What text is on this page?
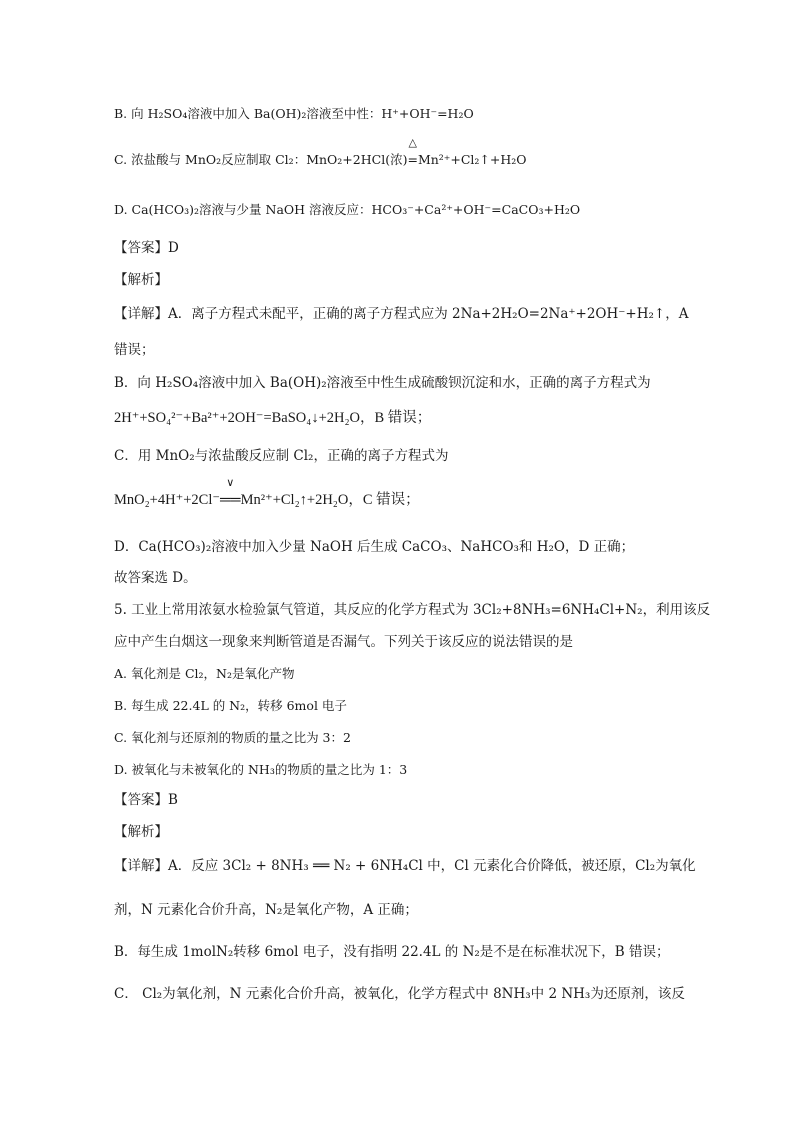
B. 向 H₂SO₄溶液中加入 Ba(OH)₂溶液至中性：H⁺+OH⁻=H₂O
C. 浓盐酸与 MnO₂反应制取 Cl₂：MnO₂+2HCl(浓)
△
=Mn²⁺+Cl₂↑+H₂O
D. Ca(HCO₃)₂溶液与少量 NaOH 溶液反应：HCO₃⁻+Ca²⁺+OH⁻=CaCO₃+H₂O
【答案】D
【解析】
【详解】A．离子方程式未配平，正确的离子方程式应为 2Na+2H₂O=2Na⁺+2OH⁻+H₂↑，A
错误；
B．向 H₂SO₄溶液中加入 Ba(OH)₂溶液至中性生成硫酸钡沉淀和水，正确的离子方程式为
2H⁺+SO₄²⁻+Ba²⁺+2OH⁻=BaSO₄↓+2H₂O，B 错误；
C．用 MnO₂与浓盐酸反应制 Cl₂，正确的离子方程式为
MnO₂+4H⁺+2Cl⁻
∨
══Mn²⁺+Cl₂↑+2H₂O，C 错误；
D．Ca(HCO₃)₂溶液中加入少量 NaOH 后生成 CaCO₃、NaHCO₃和 H₂O，D 正确；
故答案选 D。
5. 工业上常用浓氨水检验氯气管道，其反应的化学方程式为 3Cl₂+8NH₃=6NH₄Cl+N₂，利用该反
应中产生白烟这一现象来判断管道是否漏气。下列关于该反应的说法错误的是
A. 氧化剂是 Cl₂，N₂是氧化产物
B. 每生成 22.4L 的 N₂，转移 6mol 电子
C. 氧化剂与还原剂的物质的量之比为 3：2
D. 被氧化与未被氧化的 NH₃的物质的量之比为 1：3
【答案】B
【解析】
【详解】A．反应 3Cl₂ + 8NH₃ ══ N₂ + 6NH₄Cl 中，Cl 元素化合价降低，被还原，Cl₂为氧化
剂，N 元素化合价升高，N₂是氧化产物，A 正确；
B．每生成 1molN₂转移 6mol 电子，没有指明 22.4L 的 N₂是不是在标准状况下，B 错误；
C． Cl₂为氧化剂，N 元素化合价升高，被氧化，化学方程式中 8NH₃中 2 NH₃为还原剂，该反
